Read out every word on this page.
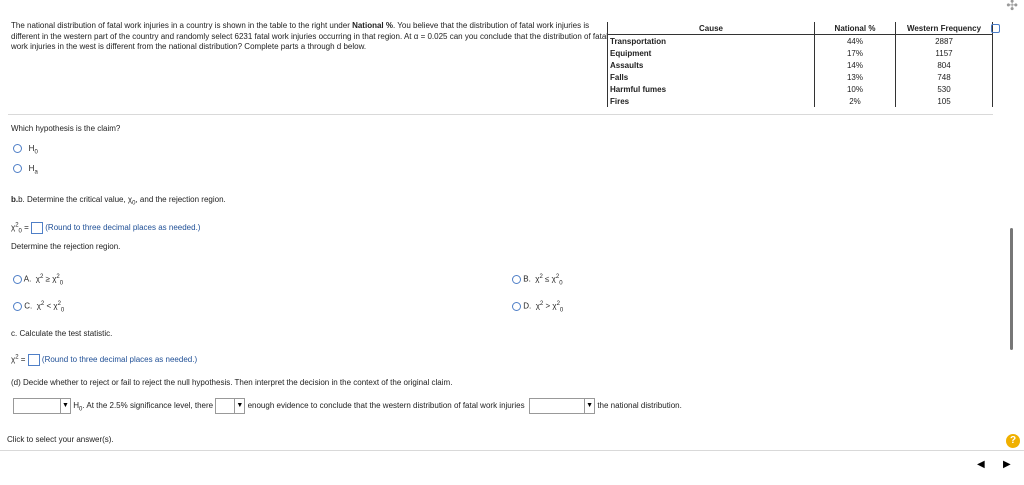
The national distribution of fatal work injuries in a country is shown in the table to the right under National %. You believe that the distribution of fatal work injuries is different in the western part of the country and randomly select 6231 fatal work injuries occurring in that region. At α = 0.025 can you conclude that the distribution of fatal work injuries in the west is different from the national distribution? Complete parts a through d below.
Cause	National %	Western Frequency
Transportation	44%	2887
Equipment	17%	1157
Assaults	14%	804
Falls	13%	748
Harmful fumes	10%	530
Fires	2%	105
✣
Which hypothesis is the claim?
$H_0$
$H_a$
b.b. Determine the critical value, $\chi_0$, and the rejection region.
$\chi^2_0$ =  (Round to three decimal places as needed.)
Determine the rejection region.
A. $\chi^2 \ge \chi^2_0$	B. $\chi^2 \le \chi^2_0$
C. $\chi^2 < \chi^2_0$	D. $\chi^2 > \chi^2_0$
c. Calculate the test statistic.
$\chi^2$ =  (Round to three decimal places as needed.)
(d) Decide whether to reject or fail to reject the null hypothesis. Then interpret the decision in the context of the original claim.
▼ $H_0$. At the 2.5% significance level, there	▼ enough evidence to conclude that the western distribution of fatal work injuries	▼ the national distribution.
Click to select your answer(s).	?
◀ ▶
